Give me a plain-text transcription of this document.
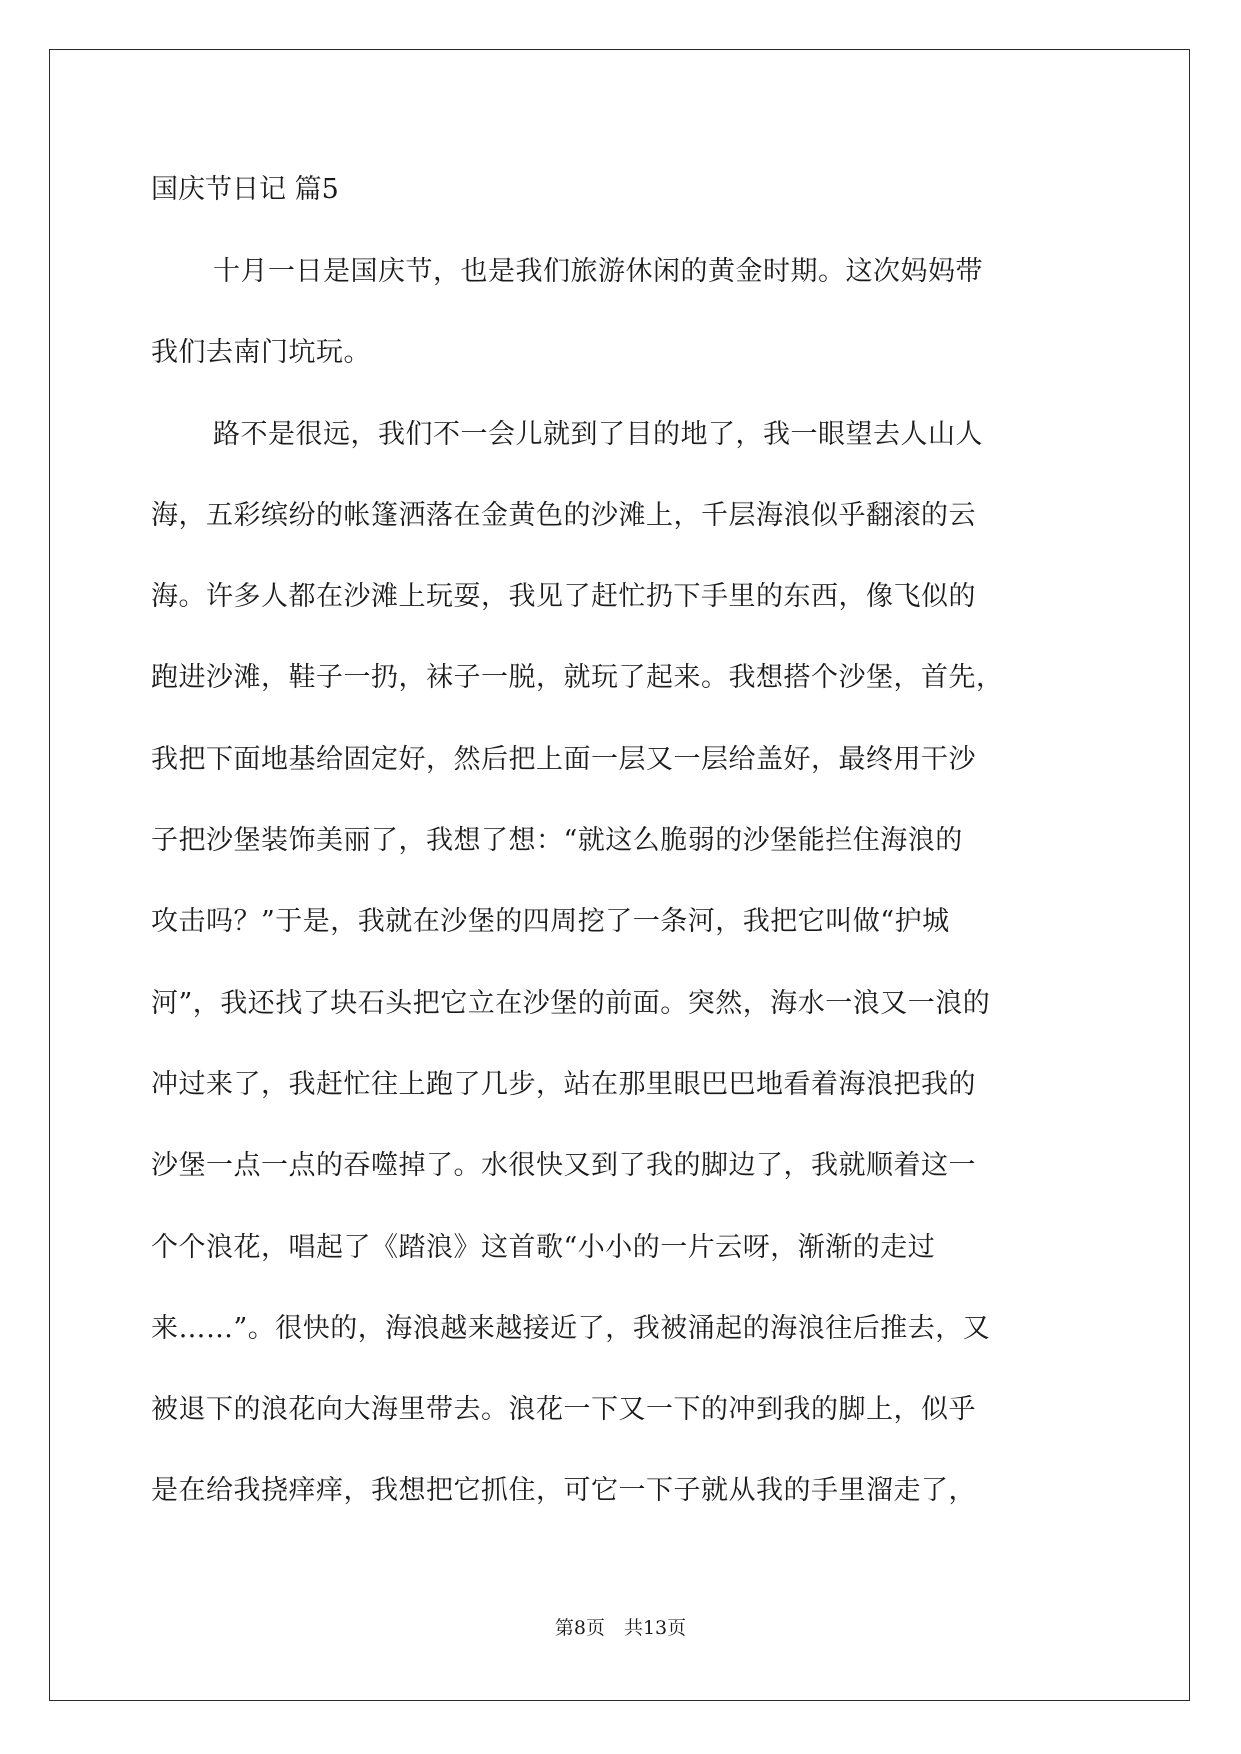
国庆节日记 篇5
十月一日是国庆节，也是我们旅游休闲的黄金时期。这次妈妈带
我们去南门坑玩。
路不是很远，我们不一会儿就到了目的地了，我一眼望去人山人
海，五彩缤纷的帐篷洒落在金黄色的沙滩上，千层海浪似乎翻滚的云
海。许多人都在沙滩上玩耍，我见了赶忙扔下手里的东西，像飞似的
跑进沙滩，鞋子一扔，袜子一脱，就玩了起来。我想搭个沙堡，首先，
我把下面地基给固定好，然后把上面一层又一层给盖好，最终用干沙
子把沙堡装饰美丽了，我想了想：“就这么脆弱的沙堡能拦住海浪的
攻击吗？”于是，我就在沙堡的四周挖了一条河，我把它叫做“护城
河”，我还找了块石头把它立在沙堡的前面。突然，海水一浪又一浪的
冲过来了，我赶忙往上跑了几步，站在那里眼巴巴地看着海浪把我的
沙堡一点一点的吞噬掉了。水很快又到了我的脚边了，我就顺着这一
个个浪花，唱起了《踏浪》这首歌“小小的一片云呀，渐渐的走过
来……”。很快的，海浪越来越接近了，我被涌起的海浪往后推去，又
被退下的浪花向大海里带去。浪花一下又一下的冲到我的脚上，似乎
是在给我挠痒痒，我想把它抓住，可它一下子就从我的手里溜走了，
第8页　共13页
